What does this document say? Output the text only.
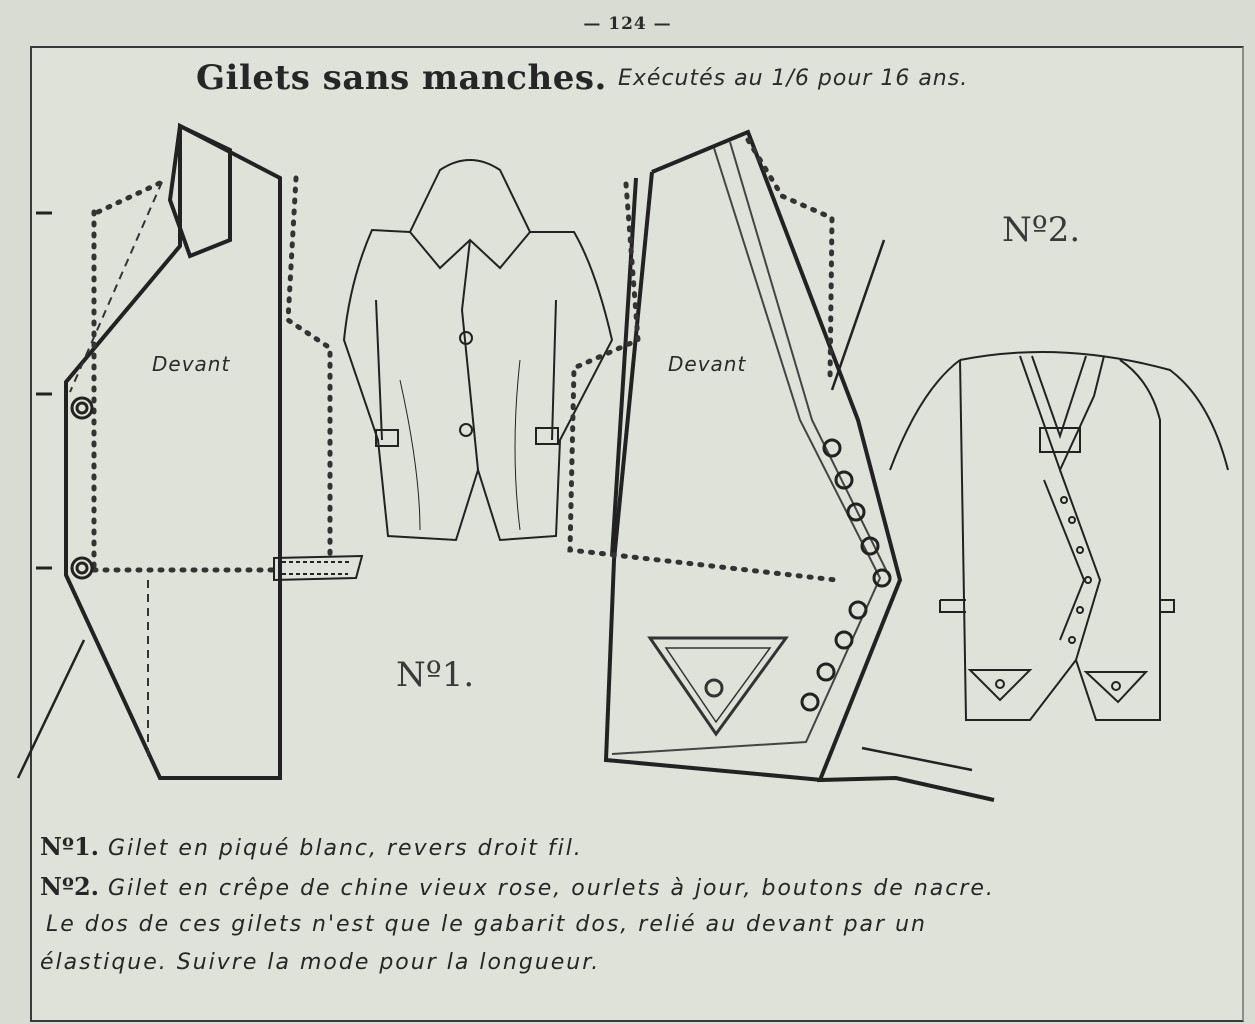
— 124 —
Gilets sans manches. Exécutés au 1/6 pour 16 ans.
Devant	Devant
Nº1.
Nº2.
Nº1. Gilet en piqué blanc, revers droit fil.
Nº2. Gilet en crêpe de chine vieux rose, ourlets à jour, boutons de nacre.
Le dos de ces gilets n'est que le gabarit dos, relié au devant par un
élastique. Suivre la mode pour la longueur.
